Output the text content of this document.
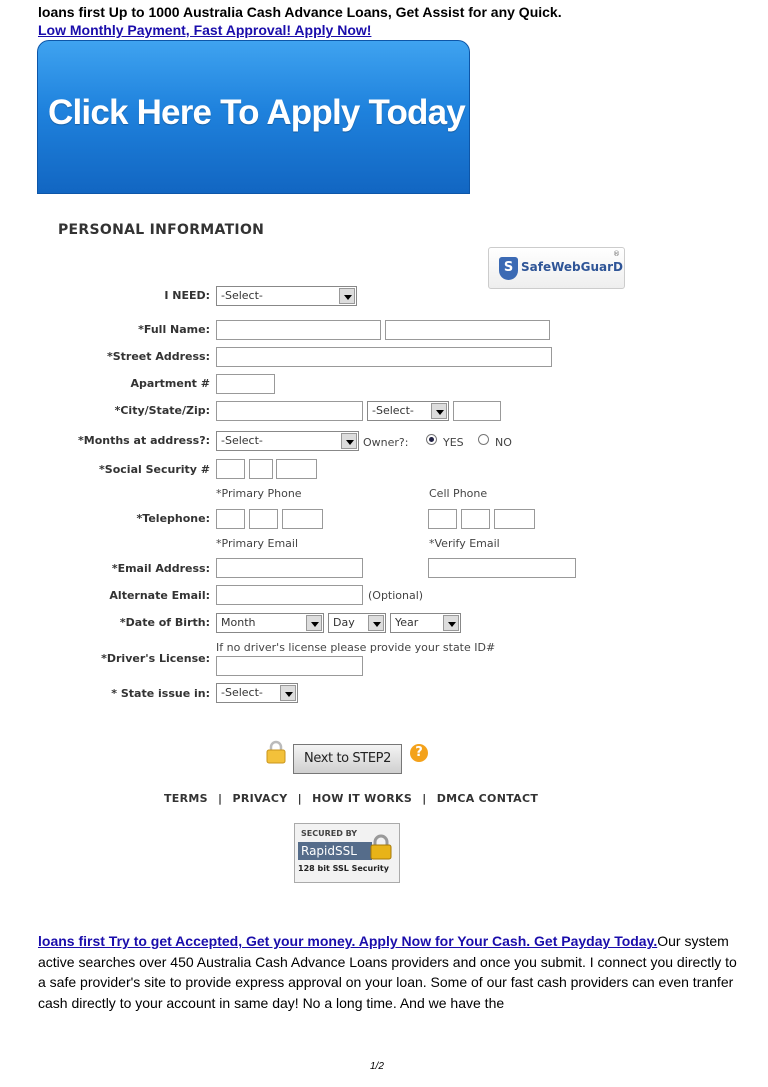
loans first Up to 1000 Australia Cash Advance Loans, Get Assist for any Quick.
Low Monthly Payment, Fast Approval! Apply Now!
Click Here To Apply Today
PERSONAL INFORMATION
S SafeWebGuarD
®
I NEED:	-Select-
*Full Name:
*Street Address:
Apartment #
*City/State/Zip:	-Select-
*Months at address?:	-Select-	Owner?:	YES	NO
*Social Security #
*Primary Phone	Cell Phone
*Telephone:
*Primary Email	*Verify Email
*Email Address:
Alternate Email:	(Optional)
*Date of Birth:	Month	Day	Year
If no driver's license please provide your state ID#
*Driver's License:
* State issue in:	-Select-
Next to STEP2	?
TERMS | PRIVACY | HOW IT WORKS | DMCA CONTACT
SECURED BY
RapidSSL
128 bit SSL Security
loans first Try to get Accepted, Get your money. Apply Now for Your Cash. Get Payday Today.Our system active searches over 450 Australia Cash Advance Loans providers and once you submit. I connect you directly to a safe provider's site to provide express approval on your loan. Some of our fast cash providers can even tranfer cash directly to your account in same day! No a long time. And we have the
1/2
